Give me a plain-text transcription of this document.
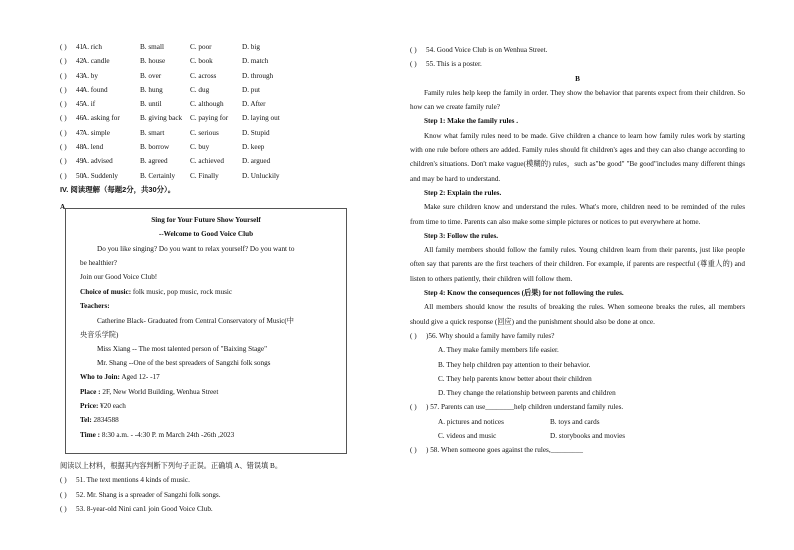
( ) 41
A. rich	B. small	C. poor	D. big
( ) 42
A. candle	B. house	C. book	D. match
( ) 43
A. by	B. over	C. across	D. through
( ) 44
A. found	B. hung	C. dug	D. put
( ) 45
A. if	B. until	C. although	D. After
( ) 46
A. asking for	B. giving back C. paying for D. laying out
( ) 47
A. simple	B. smart	C. serious	D. Stupid
( ) 48
A. lend	B. borrow	C. buy	D. keep
( ) 49
A. advised	B. agreed	C. achieved	D. argued
( ) 50
A. Suddenly	B. Certainly C. Finally	D. Unluckily
IV. 阅读理解（每题2分，共30分）。
A
Sing for Your Future Show Yourself
--Welcome to Good Voice Club
Do you like singing? Do you want to relax yourself? Do you want to
be healthier?
Join our Good Voice Club!
Choice of music: folk music, pop music, rock music
Teachers:
Catherine Black- Graduated from Central Conservatory of Music(中
央音乐学院)
Miss Xiang -- The most talented person of "Baixing Stage"
Mr. Shang --One of the best spreaders of Sangzhi folk songs
Who to Join: Aged 12- -17
Place : 2F, New World Building, Wenhua Street
Price: ¥20 each
Tel: 2834588
Time : 8:30 a.m. - -4:30 P. m March 24th -26th ,2023
阅读以上材料，根据其内容判断下列句子正误。正确填 A、错误填 B。
( ) 51. The text mentions 4 kinds of music.
( ) 52. Mr. Shang is a spreader of Sangzhi folk songs.
( ) 53. 8-year-old Nini can1 join Good Voice Club.
( ) 54. Good Voice Club is on Wenhua Street.
( ) 55. This is a poster.
B
Family rules help keep the family in order. They show the behavior that parents expect from their children. So how can we create family rule?
Step 1: Make the family rules .
Know what family rules need to be made. Give children a chance to learn how family rules work by starting with one rule before others are added. Family rules should fit children's ages and they can also change according to children's situations. Don't make vague(模糊的) rules，such as"be good" "Be good"includes many different things and may be hard to understand.
Step 2: Explain the rules.
Make sure children know and understand the rules. What's more, children need to be reminded of the rules from time to time. Parents can also make some simple pictures or notices to put everywhere at home.
Step 3: Follow the rules.
All family members should follow the family rules. Young children learn from their parents, just like people often say that parents are the first teachers of their children. For example, if parents are respectful (尊重人的) and listen to others patiently, their children will follow them.
Step 4: Know the consequences (后果) for not following the rules.
All members should know the results of breaking the rules. When someone breaks the rules, all members should give a quick response (回应) and the punishment should also be done at once.
( ) )56. Why should a family have family rules?
A. They make family members life easier.
B. They help children pay attention to their behavior.
C. They help parents know better about their children
D. They change the relationship between parents and children
( ) ) 57. Parents can use________help children understand family rules.
A. pictures and notices	B. toys and cards
C. videos and music	D. storybooks and movies
( ) ) 58. When someone goes against the rules,_________
